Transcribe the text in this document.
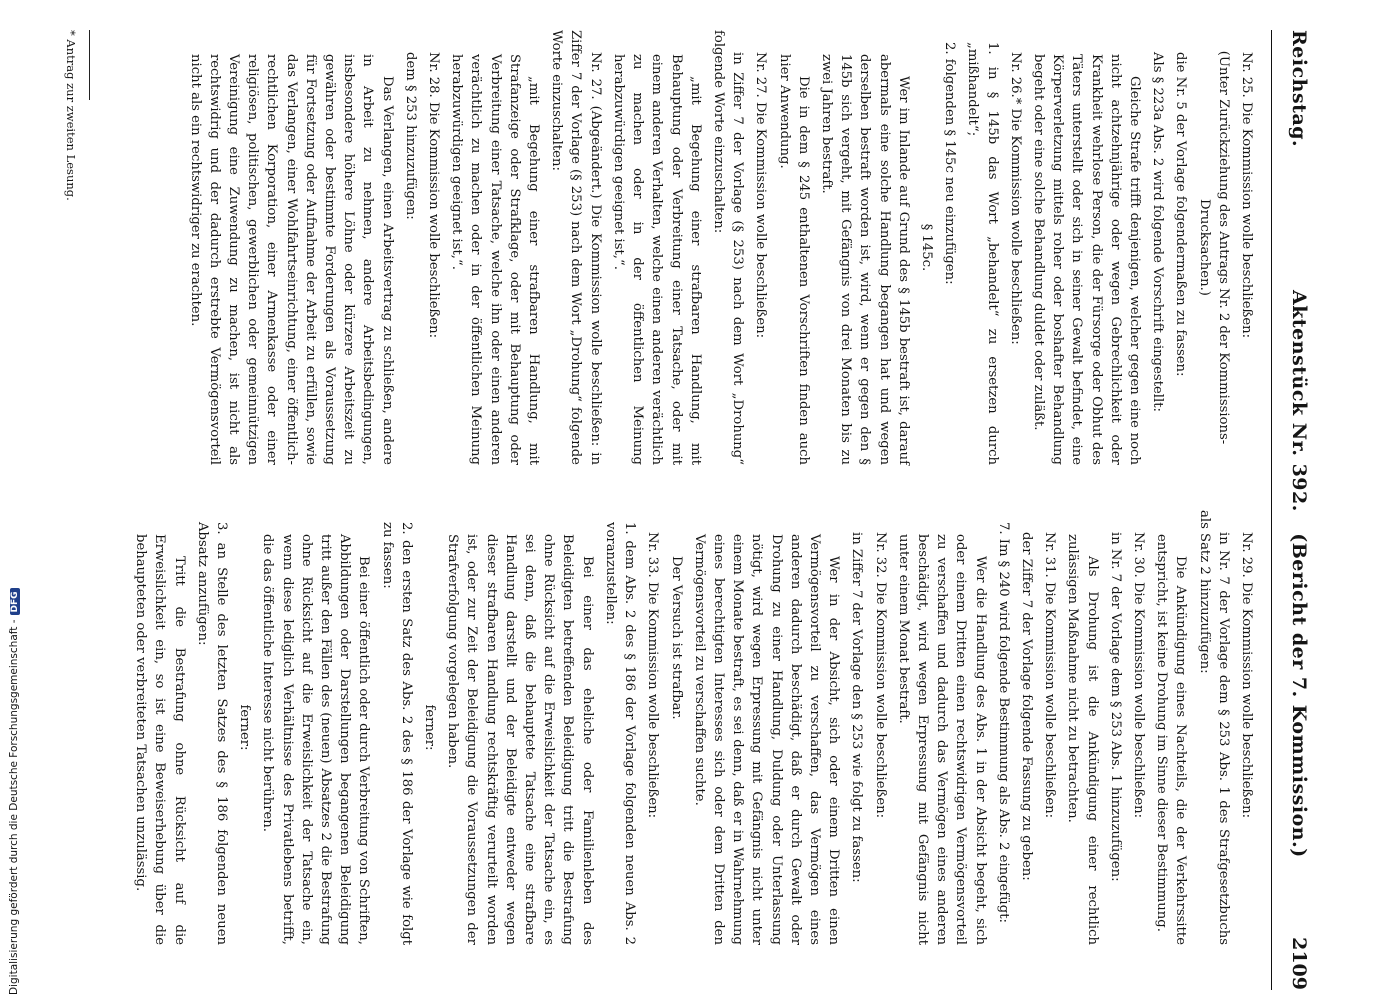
Reichstag.
Aktenstück Nr. 392.   (Bericht der 7. Kommission.)
2109

Nr. 25. Die Kommission wolle beschließen:

(Unter Zurückziehung des Antrags Nr. 2 der Kommissions-Drucksachen.)

die Nr. 5 der Vorlage folgendermaßen zu fassen:

Als § 223a Abs. 2 wird folgende Vorschrift eingestellt:

Gleiche Strafe trifft denjenigen, welcher gegen eine noch nicht achtzehnjährige oder wegen Gebrechlichkeit oder Krankheit wehrlose Person, die der Fürsorge oder Obhut des Täters unterstellt oder sich in seiner Gewalt befindet, eine Körperverletzung mittels roher oder boshafter Behandlung begeht oder eine solche Behandlung duldet oder zuläßt.

Nr. 26.* Die Kommission wolle beschließen:

1. in § 145b das Wort „behandelt“ zu ersetzen durch „mißhandelt“;

2. folgenden § 145c neu einzufügen:

§ 145c.

Wer im Inlande auf Grund des § 145b bestraft ist, darauf abermals eine solche Handlung begangen hat und wegen derselben bestraft worden ist, wird, wenn er gegen den § 145b sich vergeht, mit Gefängnis von drei Monaten bis zu zwei Jahren bestraft.

Die in dem § 245 enthaltenen Vorschriften finden auch hier Anwendung.

Nr. 27. Die Kommission wolle beschließen:

in Ziffer 7 der Vorlage (§ 253) nach dem Wort „Drohung“ folgende Worte einzuschalten:

„mit Begehung einer strafbaren Handlung, mit Behauptung oder Verbreitung einer Tatsache, oder mit einem anderen Verhalten, welche einen anderen verächtlich zu machen oder in der öffentlichen Meinung herabzuwürdigen geeignet ist,“.

Nr. 27. (Abgeändert.) Die Kommission wolle beschließen: in Ziffer 7 der Vorlage (§ 253) nach dem Wort „Drohung“ folgende Worte einzuschalten:

„mit Begehung einer strafbaren Handlung, mit Strafanzeige oder Strafklage, oder mit Behauptung oder Verbreitung einer Tatsache, welche ihn oder einen anderen verächtlich zu machen oder in der öffentlichen Meinung herabzuwürdigen geeignet ist,“.

Nr. 28. Die Kommission wolle beschließen:

dem § 253 hinzuzufügen:

Das Verlangen, einen Arbeitsvertrag zu schließen, andere in Arbeit zu nehmen, andere Arbeitsbedingungen, insbesondere höhere Löhne oder kürzere Arbeitszeit zu gewähren oder bestimmte Forderungen als Voraussetzung für Fortsetzung oder Aufnahme der Arbeit zu erfüllen, sowie das Verlangen, einer Wohlfahrtseinrichtung, einer öffentlich-rechtlichen Korporation, einer Armenkasse oder einer religiösen, politischen, gewerblichen oder gemeinnützigen Vereinigung eine Zuwendung zu machen, ist nicht als rechtswidrig und der dadurch erstrebte Vermögensvorteil nicht als ein rechtswidriger zu erachten.

Nr. 29. Die Kommission wolle beschließen:

in Nr. 7 der Vorlage dem § 253 Abs. 1 des Strafgesetzbuchs als Satz 2 hinzuzufügen:

Die Ankündigung eines Nachteils, die der Verkehrssitte entspricht, ist keine Drohung im Sinne dieser Bestimmung.

Nr. 30. Die Kommission wolle beschließen:

in Nr. 7 der Vorlage dem § 253 Abs. 1 hinzuzufügen:

Als Drohung ist die Ankündigung einer rechtlich zulässigen Maßnahme nicht zu betrachten.

Nr. 31. Die Kommission wolle beschließen:

der Ziffer 7 der Vorlage folgende Fassung zu geben:

7. Im § 240 wird folgende Bestimmung als Abs. 2 eingefügt:

Wer die Handlung des Abs. 1 in der Absicht begeht, sich oder einem Dritten einen rechtswidrigen Vermögensvorteil zu verschaffen und dadurch das Vermögen eines anderen beschädigt, wird wegen Erpressung mit Gefängnis nicht unter einem Monat bestraft.

Nr. 32. Die Kommission wolle beschließen:

in Ziffer 7 der Vorlage den § 253 wie folgt zu fassen:

Wer in der Absicht, sich oder einem Dritten einen Vermögensvorteil zu verschaffen, das Vermögen eines anderen dadurch beschädigt, daß er durch Gewalt oder Drohung zu einer Handlung, Duldung oder Unterlassung nötigt, wird wegen Erpressung mit Gefängnis nicht unter einem Monate bestraft, es sei denn, daß er in Wahrnehmung eines berechtigten Interesses sich oder dem Dritten den Vermögensvorteil zu verschaffen suchte.

Der Versuch ist strafbar.

Nr. 33. Die Kommission wolle beschließen:

1. dem Abs. 2 des § 186 der Vorlage folgenden neuen Abs. 2 voranzustellen:

Bei einer das eheliche oder Familienleben des Beleidigten betreffenden Beleidigung tritt die Bestrafung ohne Rücksicht auf die Erweislichkeit der Tatsache ein, es sei denn, daß die behauptete Tatsache eine strafbare Handlung darstellt und der Beleidigte entweder wegen dieser strafbaren Handlung rechtskräftig verurteilt worden ist, oder zur Zeit der Beleidigung die Voraussetzungen der Strafverfolgung vorgelegen haben.

ferner:

2. den ersten Satz des Abs. 2 des § 186 der Vorlage wie folgt zu fassen:

Bei einer öffentlich oder durch Verbreitung von Schriften, Abbildungen oder Darstellungen begangenen Beleidigung tritt außer den Fällen des (neuen) Absatzes 2 die Bestrafung ohne Rücksicht auf die Erweislichkeit der Tatsache ein, wenn diese lediglich Verhältnisse des Privatlebens betrifft, die das öffentliche Interesse nicht berühren.

ferner:

3. an Stelle des letzten Satzes des § 186 folgenden neuen Absatz anzufügen:

Tritt die Bestrafung ohne Rücksicht auf die Erweislichkeit ein, so ist eine Beweiserhebung über die behaupteten oder verbreiteten Tatsachen unzulässig.

* Antrag zur zweiten Lesung.
Digitalisierung gefördert durch die Deutsche Forschungsgemeinschaft -DFG
